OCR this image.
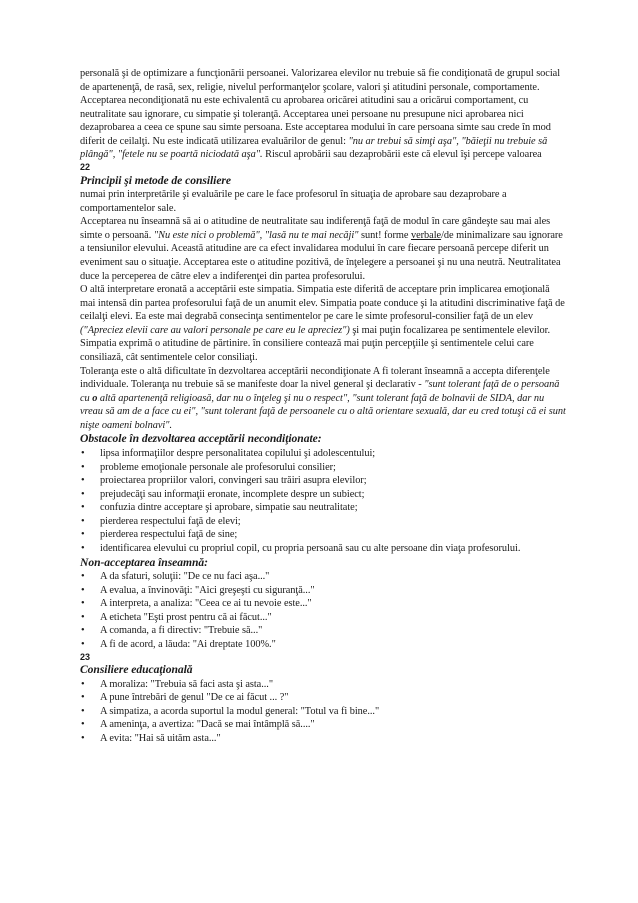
personală şi de optimizare a funcţionării persoanei. Valorizarea elevilor nu trebuie să fie condiţionată de grupul social de apartenenţă, de rasă, sex, religie, nivelul performanţelor şcolare, valori şi atitudini personale, comportamente.

Acceptarea necondiţionată nu este echivalentă cu aprobarea oricărei atitudini sau a oricărui comportament, cu neutralitate sau ignorare, cu simpatie şi toleranţă. Acceptarea unei persoane nu presupune nici aprobarea nici dezaprobarea a ceea ce spune sau simte persoana. Este acceptarea modului în care persoana simte sau crede în mod diferit de ceilalţi. Nu este indicată utilizarea evaluărilor de genul: "nu ar trebui să simţi aşa", "băieţii nu trebuie să plângă", "fetele nu se poartă niciodată aşa". Riscul aprobării sau dezaprobării este că elevul îşi percepe valoarea

22

Principii şi metode de consiliere

numai prin interpretările şi evaluările pe care le face profesorul în situaţia de aprobare sau dezaprobare a comportamentelor sale.

Acceptarea nu înseamnă să ai o atitudine de neutralitate sau indiferenţă faţă de modul în care gândeşte sau mai ales simte o persoană. "Nu este nici o problemă", "lasă nu te mai necăji" sunt! forme verbale/de minimalizare sau ignorare a tensiunilor elevului. Această atitudine are ca efect invalidarea modului în care fiecare persoană percepe diferit un eveniment sau o situaţie. Acceptarea este o atitudine pozitivă, de înţelegere a persoanei şi nu una neutră. Neutralitatea duce la perceperea de către elev a indiferenţei din partea profesorului.

O altă interpretare eronată a acceptării este simpatia. Simpatia este diferită de acceptare prin implicarea emoţională mai intensă din partea profesorului faţă de un anumit elev. Simpatia poate conduce şi la atitudini discriminative faţă de ceilalţi elevi. Ea este mai degrabă consecinţa sentimentelor pe care le simte profesorul-consilier faţă de un elev ("Apreciez elevii care au valori personale pe care eu le apreciez") şi mai puţin focalizarea pe sentimentele elevilor. Simpatia exprimă o atitudine de părtinire. în consiliere contează mai puţin percepţiile şi sentimentele celui care consiliază, cât sentimentele celor consiliaţi.

Toleranţa este o altă dificultate în dezvoltarea acceptării necondiţionate A fi tolerant înseamnă a accepta diferenţele individuale. Toleranţa nu trebuie să se manifeste doar la nivel general şi declarativ - "sunt tolerant faţă de o persoană cu o altă apartenenţă religioasă, dar nu o înţeleg şi nu o respect", "sunt tolerant faţă de bolnavii de SIDA, dar nu vreau să am de a face cu ei", "sunt tolerant faţă de persoanele cu o altă orientare sexuală, dar eu cred totuşi că ei sunt nişte oameni bolnavi".

Obstacole în dezvoltarea acceptării necondiţionate:

•	lipsa informaţiilor despre personalitatea copilului şi adolescentului;
•	probleme emoţionale personale ale profesorului consilier;
•	proiectarea propriilor valori, convingeri sau trăiri asupra elevilor;
•	prejudecăţi sau informaţii eronate, incomplete despre un subiect;
•	confuzia dintre acceptare şi aprobare, simpatie sau neutralitate;
•	pierderea respectului faţă de elevi;
•	pierderea respectului faţă de sine;
•	identificarea elevului cu propriul copil, cu propria persoană sau cu alte persoane din viaţa profesorului.

Non-acceptarea înseamnă:

•	A da sfaturi, soluţii: "De ce nu faci aşa..."
•	A evalua, a învinovăţi: "Aici greşeşti cu siguranţă..."
•	A interpreta, a analiza: "Ceea ce ai tu nevoie este..."
•	A eticheta "Eşti prost pentru că ai făcut..."
•	A comanda, a fi directiv: "Trebuie să..."
•	A fi de acord, a lăuda: "Ai dreptate 100%."

23

Consiliere educaţională

•	A moraliza: "Trebuia să faci asta şi asta..."
•	A pune întrebări de genul "De ce ai făcut ... ?"
•	A simpatiza, a acorda suportul la modul general: "Totul va fi bine..."
•	A ameninţa, a avertiza: "Dacă se mai întâmplă să...."
•	A evita: "Hai să uităm asta..."
